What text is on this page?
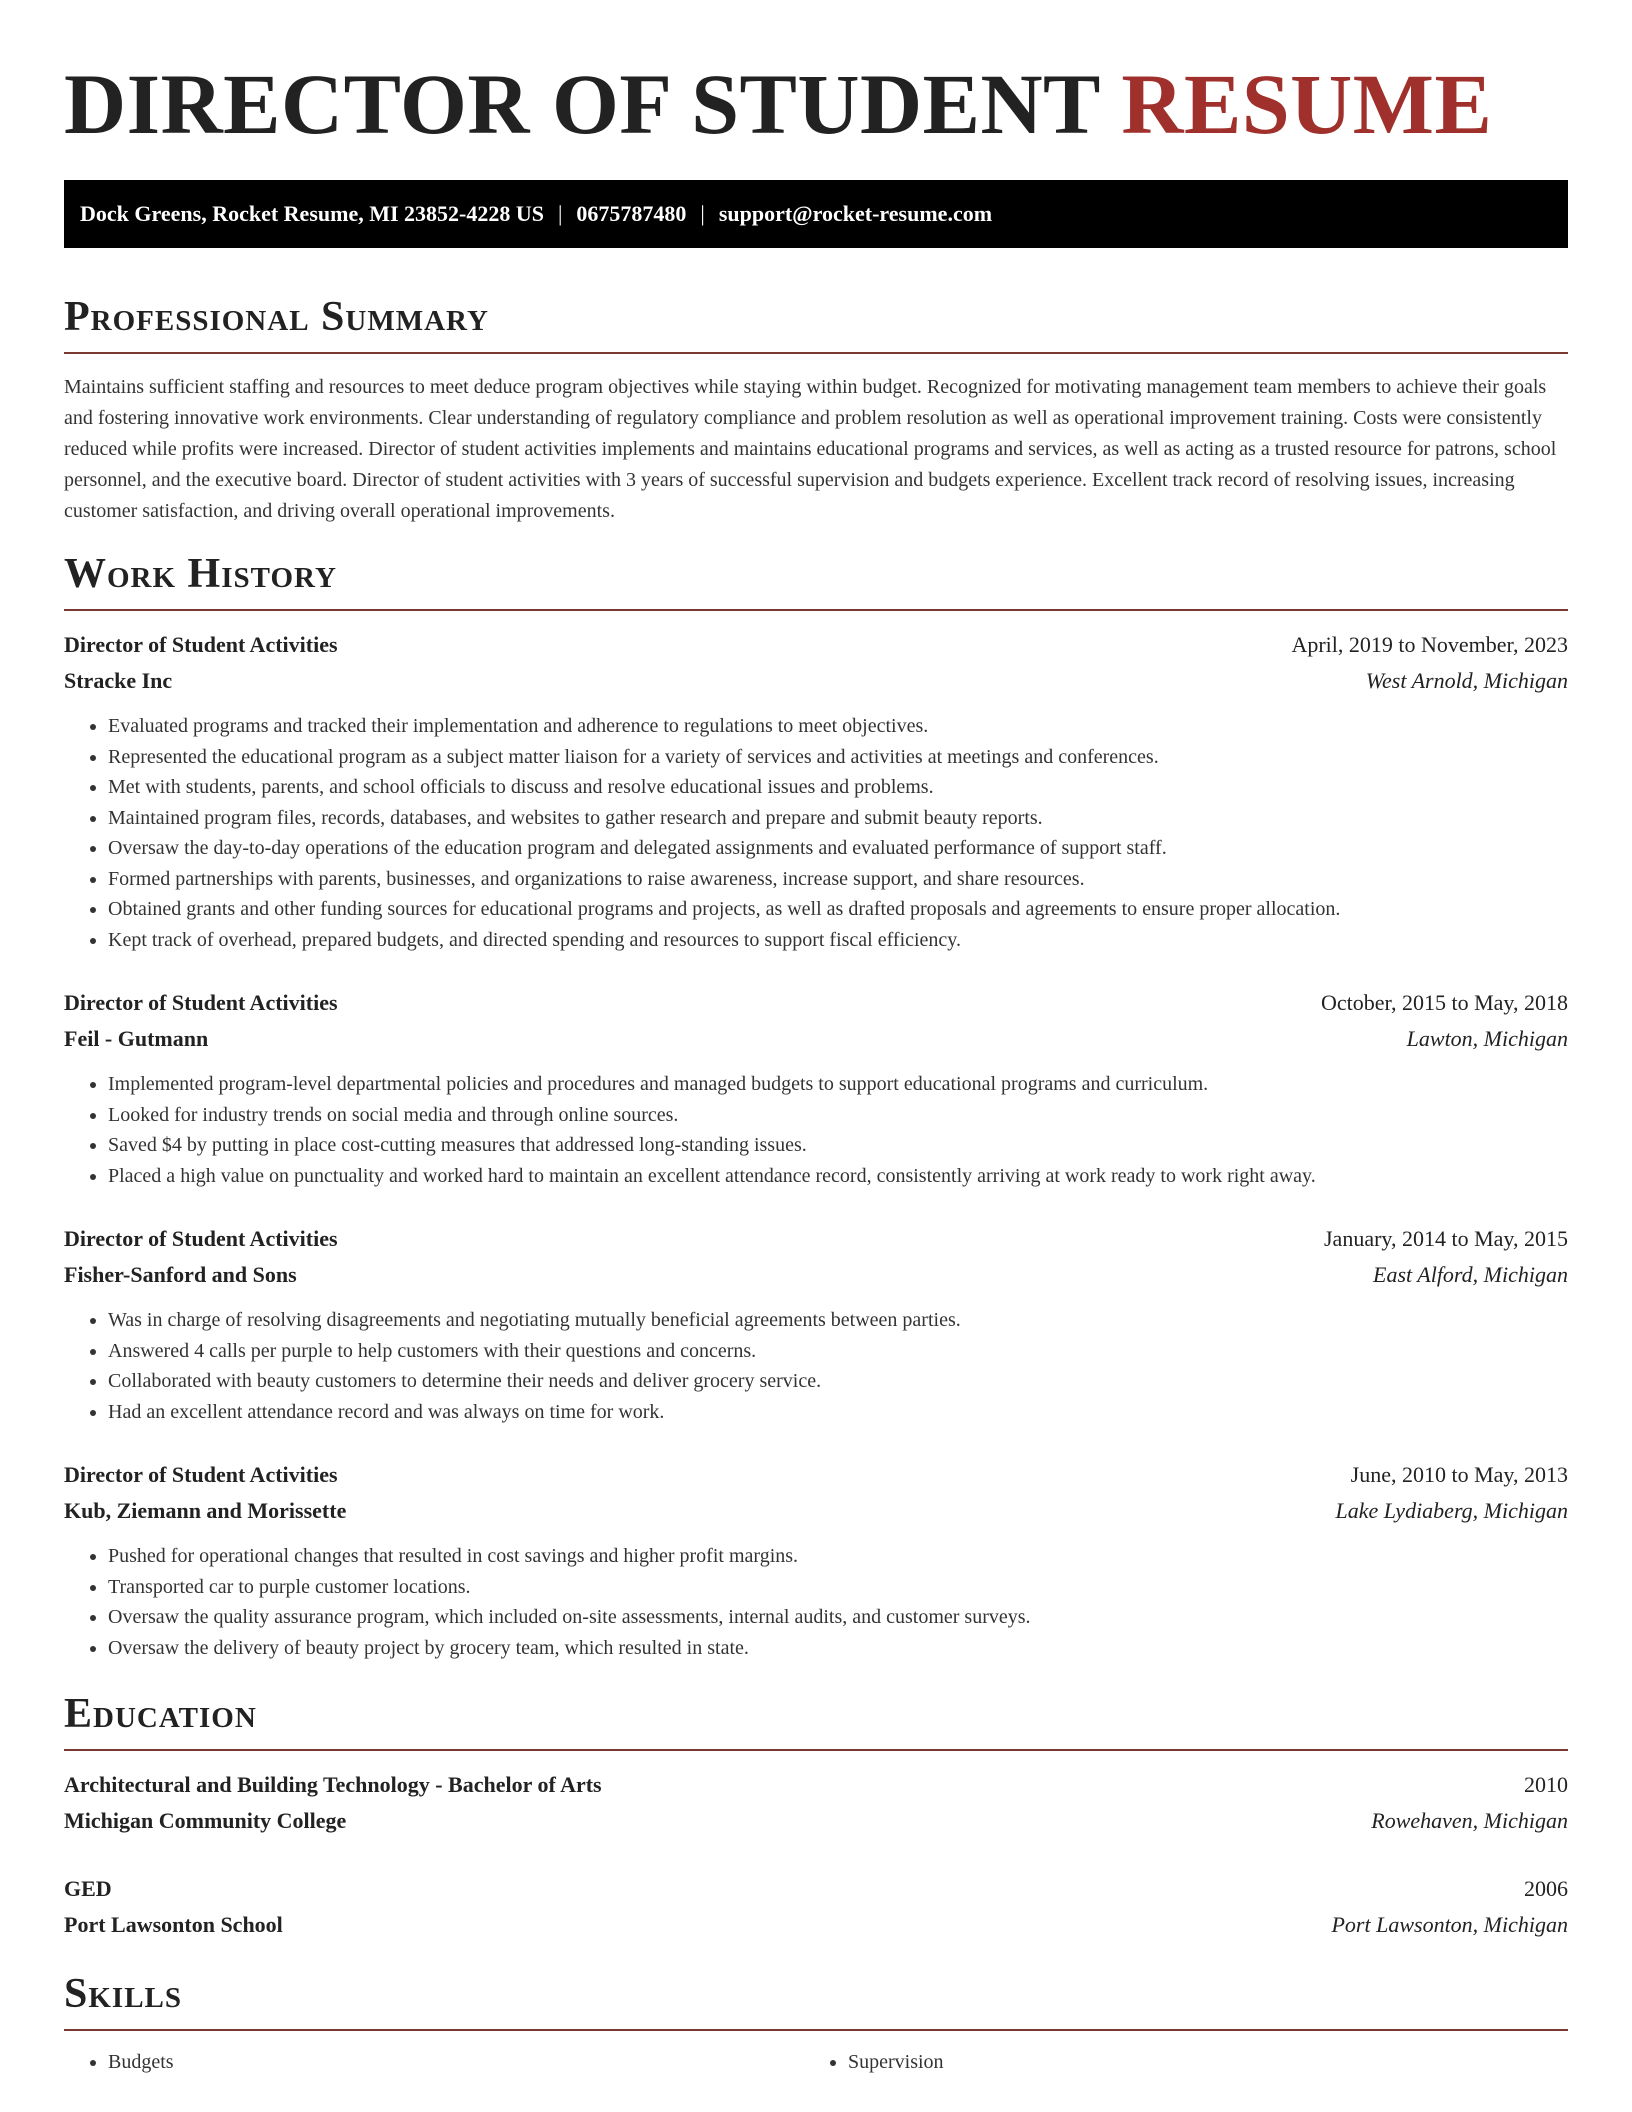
DIRECTOR OF STUDENT RESUME
Dock Greens, Rocket Resume, MI 23852-4228 US | 0675787480 | support@rocket-resume.com
Professional Summary

Maintains sufficient staffing and resources to meet deduce program objectives while staying within budget. Recognized for motivating management team members to achieve their goals and fostering innovative work environments. Clear understanding of regulatory compliance and problem resolution as well as operational improvement training. Costs were consistently reduced while profits were increased. Director of student activities implements and maintains educational programs and services, as well as acting as a trusted resource for patrons, school personnel, and the executive board. Director of student activities with 3 years of successful supervision and budgets experience. Excellent track record of resolving issues, increasing customer satisfaction, and driving overall operational improvements.

Work History
Director of Student Activities	April, 2019 to November, 2023
Stracke Inc	West Arnold, Michigan
• Evaluated programs and tracked their implementation and adherence to regulations to meet objectives.
• Represented the educational program as a subject matter liaison for a variety of services and activities at meetings and conferences.
• Met with students, parents, and school officials to discuss and resolve educational issues and problems.
• Maintained program files, records, databases, and websites to gather research and prepare and submit beauty reports.
• Oversaw the day-to-day operations of the education program and delegated assignments and evaluated performance of support staff.
• Formed partnerships with parents, businesses, and organizations to raise awareness, increase support, and share resources.
• Obtained grants and other funding sources for educational programs and projects, as well as drafted proposals and agreements to ensure proper allocation.
• Kept track of overhead, prepared budgets, and directed spending and resources to support fiscal efficiency.
Director of Student Activities	October, 2015 to May, 2018
Feil - Gutmann	Lawton, Michigan
• Implemented program-level departmental policies and procedures and managed budgets to support educational programs and curriculum.
• Looked for industry trends on social media and through online sources.
• Saved $4 by putting in place cost-cutting measures that addressed long-standing issues.
• Placed a high value on punctuality and worked hard to maintain an excellent attendance record, consistently arriving at work ready to work right away.
Director of Student Activities	January, 2014 to May, 2015
Fisher-Sanford and Sons	East Alford, Michigan
• Was in charge of resolving disagreements and negotiating mutually beneficial agreements between parties.
• Answered 4 calls per purple to help customers with their questions and concerns.
• Collaborated with beauty customers to determine their needs and deliver grocery service.
• Had an excellent attendance record and was always on time for work.
Director of Student Activities	June, 2010 to May, 2013
Kub, Ziemann and Morissette	Lake Lydiaberg, Michigan
• Pushed for operational changes that resulted in cost savings and higher profit margins.
• Transported car to purple customer locations.
• Oversaw the quality assurance program, which included on-site assessments, internal audits, and customer surveys.
• Oversaw the delivery of beauty project by grocery team, which resulted in state.
Education
Architectural and Building Technology - Bachelor of Arts	2010
Michigan Community College	Rowehaven, Michigan
GED	2006
Port Lawsonton School	Port Lawsonton, Michigan
Skills
• Budgets
•	Supervision
